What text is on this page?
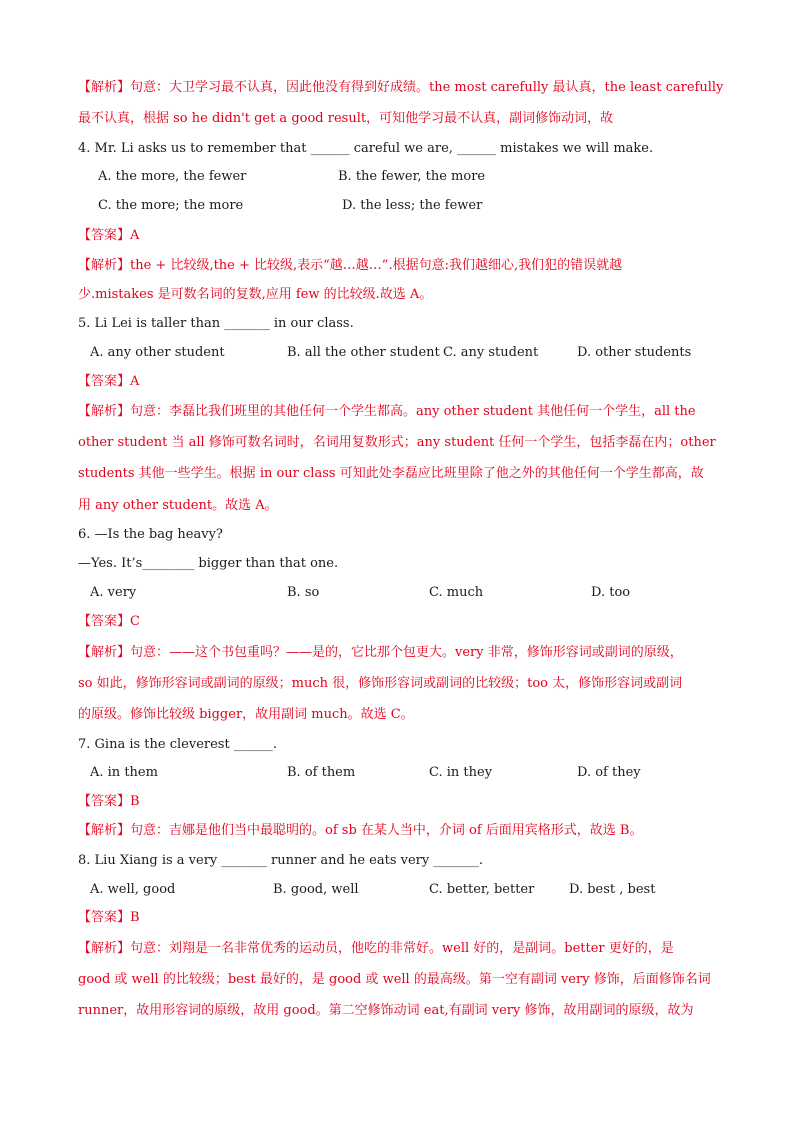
【解析】句意：大卫学习最不认真，因此他没有得到好成绩。the most carefully 最认真，the least carefully
最不认真，根据 so he didn't get a good result，可知他学习最不认真，副词修饰动词，故
4. Mr. Li asks us to remember that ______ careful we are, ______ mistakes we will make.
A. the more, the fewer	B. the fewer, the more
C. the more; the more	D. the less; the fewer
【答案】A
【解析】the + 比较级,the + 比较级,表示“越…越…”.根据句意:我们越细心,我们犯的错误就越
少.mistakes 是可数名词的复数,应用 few 的比较级.故选 A。
5. Li Lei is taller than _______ in our class.
A. any other student	B. all the other student C. any student	D. other students
【答案】A
【解析】句意：李磊比我们班里的其他任何一个学生都高。any other student 其他任何一个学生，all the
other student 当 all 修饰可数名词时，名词用复数形式；any student 任何一个学生，包括李磊在内；other
students 其他一些学生。根据 in our class 可知此处李磊应比班里除了他之外的其他任何一个学生都高，故
用 any other student。故选 A。
6. —Is the bag heavy?
—Yes. It’s________ bigger than that one.
A. very	B. so	C. much	D. too
【答案】C
【解析】句意：——这个书包重吗？——是的，它比那个包更大。very 非常，修饰形容词或副词的原级，
so 如此，修饰形容词或副词的原级；much 很，修饰形容词或副词的比较级；too 太，修饰形容词或副词
的原级。修饰比较级 bigger，故用副词 much。故选 C。
7. Gina is the cleverest ______.
A. in them	B. of them	C. in they	D. of they
【答案】B
【解析】句意：吉娜是他们当中最聪明的。of sb 在某人当中，介词 of 后面用宾格形式，故选 B。
8. Liu Xiang is a very _______ runner and he eats very _______.
A. well, good	B. good, well	C. better, better	D. best , best
【答案】B
【解析】句意：刘翔是一名非常优秀的运动员，他吃的非常好。well 好的，是副词。better 更好的，是
good 或 well 的比较级；best 最好的，是 good 或 well 的最高级。第一空有副词 very 修饰，后面修饰名词
runner，故用形容词的原级，故用 good。第二空修饰动词 eat,有副词 very 修饰，故用副词的原级，故为
